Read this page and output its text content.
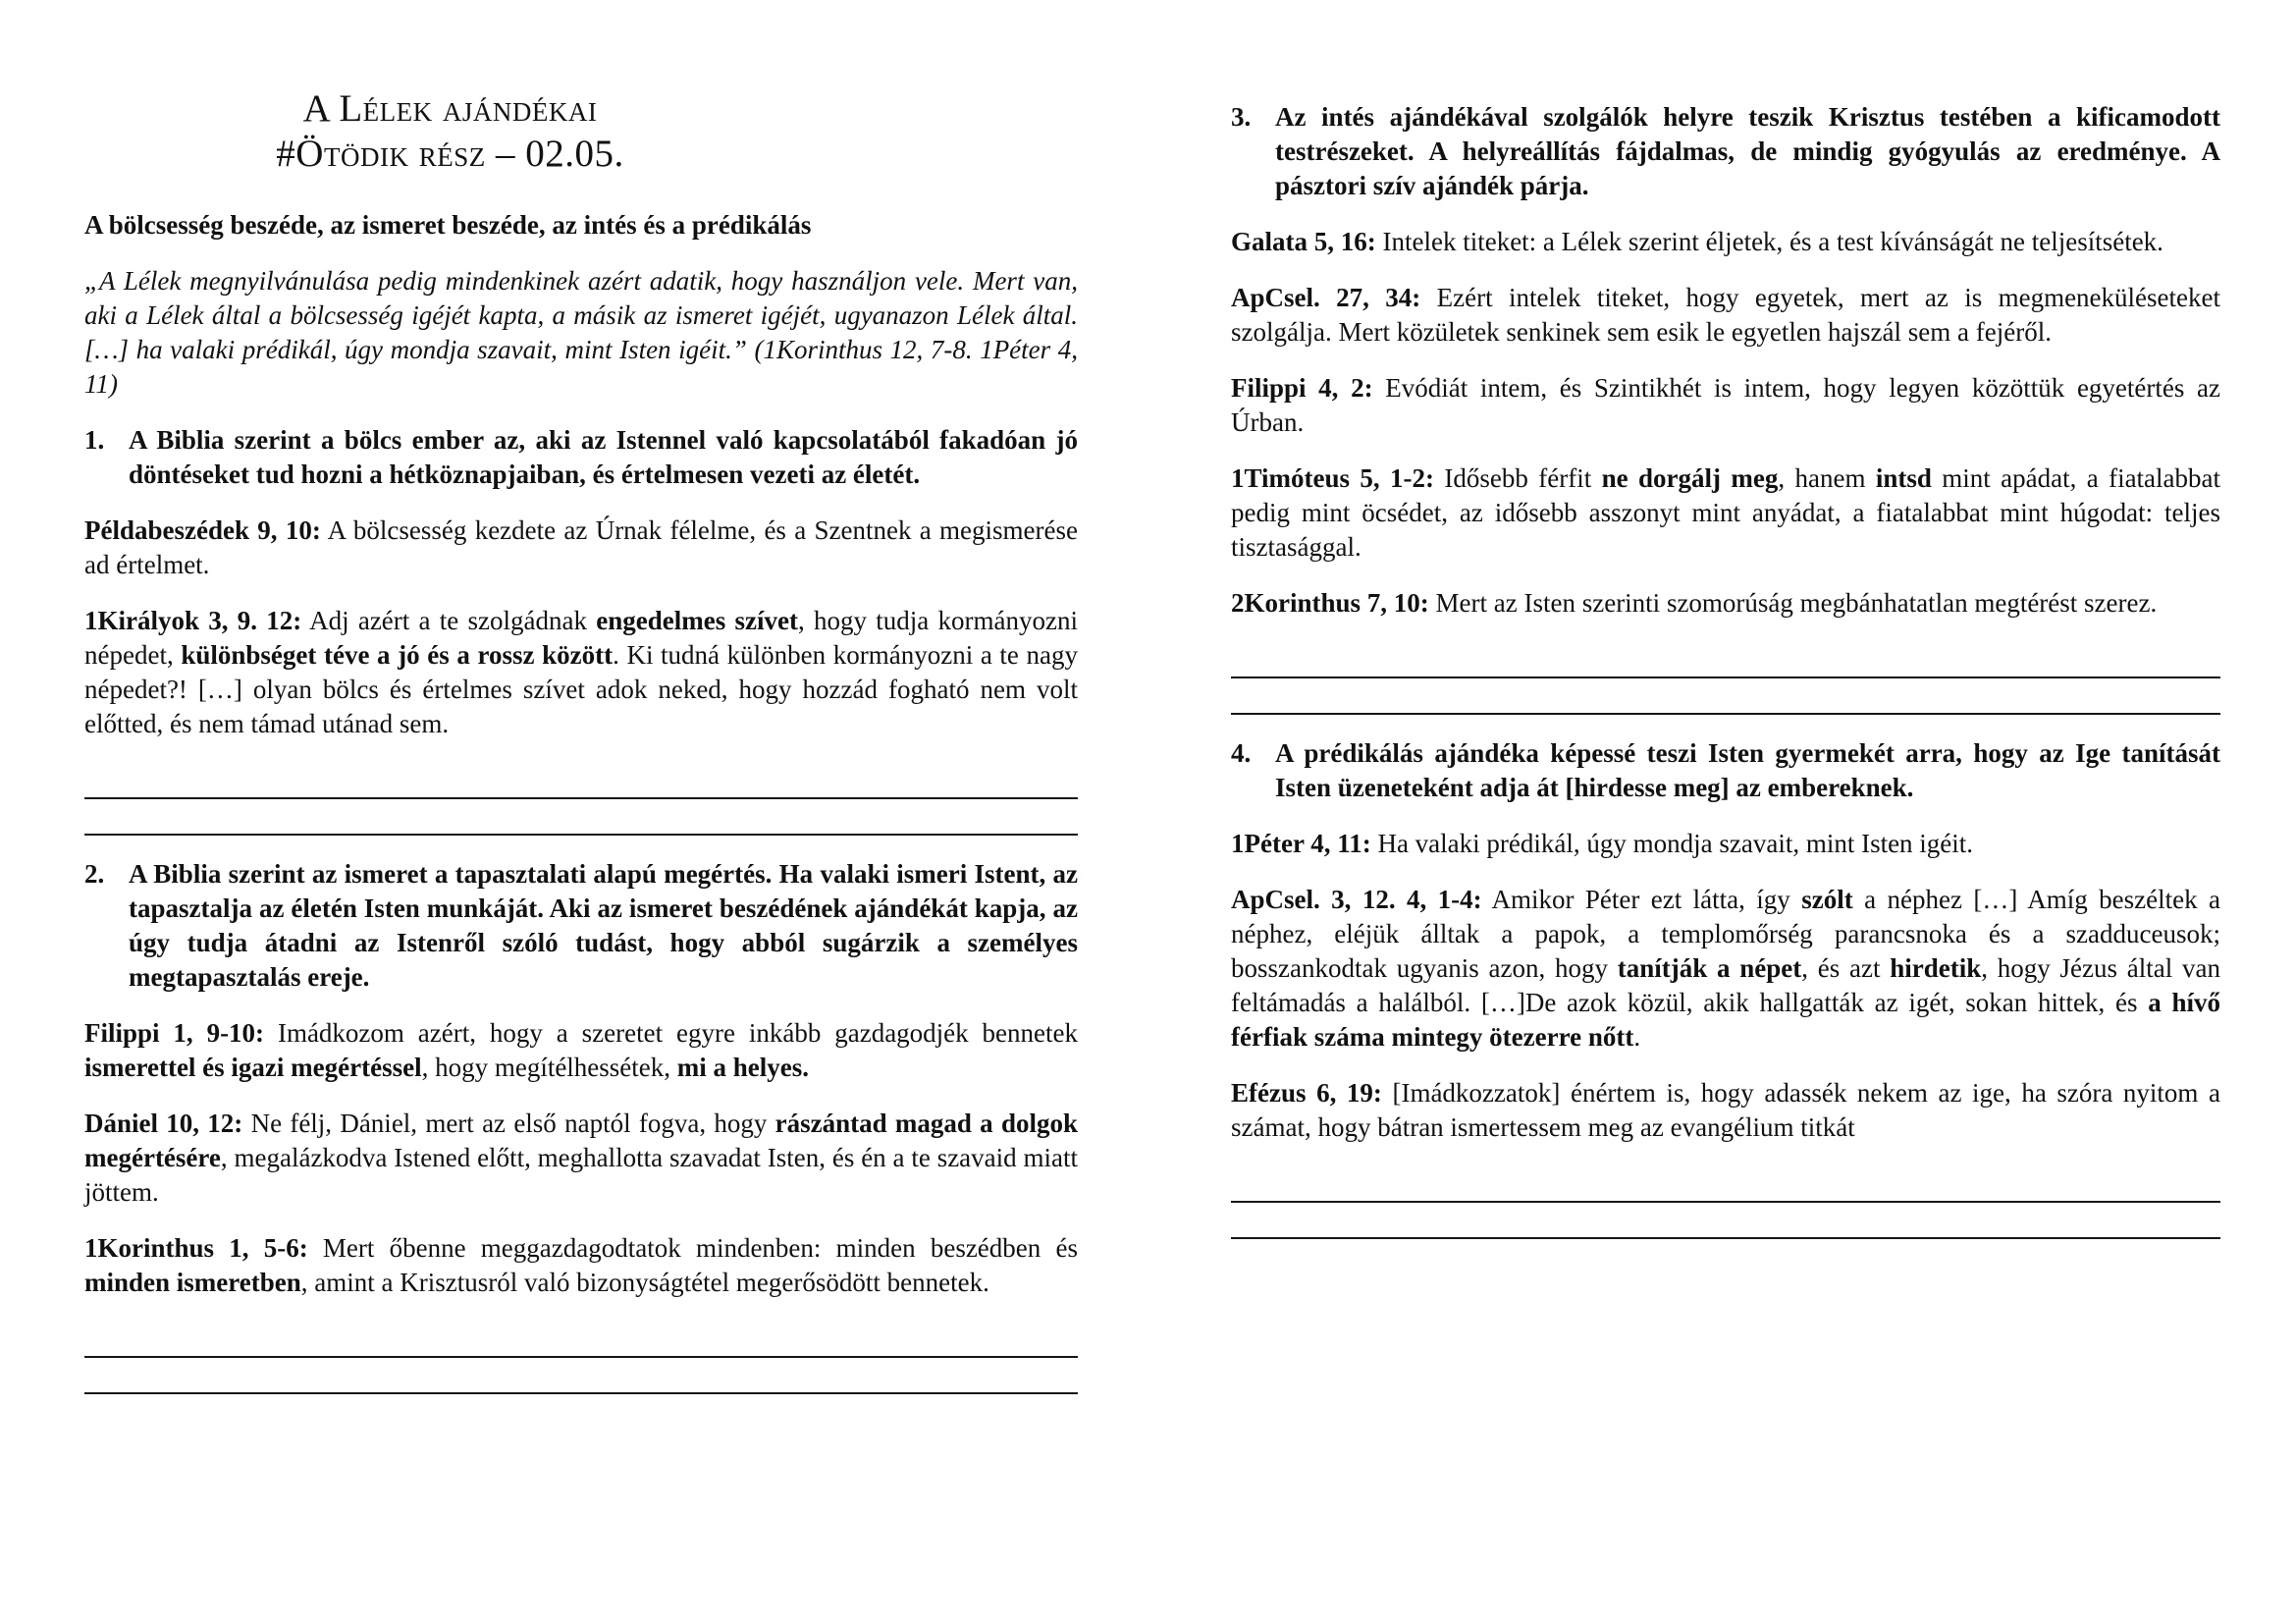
A Lélek ajándékai
#Ötödik rész – 02.05.
A bölcsesség beszéde, az ismeret beszéde, az intés és a prédikálás
„A Lélek megnyilvánulása pedig mindenkinek azért adatik, hogy használjon vele. Mert van, aki a Lélek által a bölcsesség igéjét kapta, a másik az ismeret igéjét, ugyanazon Lélek által. […] ha valaki prédikál, úgy mondja szavait, mint Isten igéit.” (1Korinthus 12, 7-8. 1Péter 4, 11)
1. A Biblia szerint a bölcs ember az, aki az Istennel való kapcsolatából fakadóan jó döntéseket tud hozni a hétköznapjaiban, és értelmesen vezeti az életét.
Példabeszédek 9, 10: A bölcsesség kezdete az Úrnak félelme, és a Szentnek a megismerése ad értelmet.
1Királyok 3, 9. 12: Adj azért a te szolgádnak engedelmes szívet, hogy tudja kormányozni népedet, különbséget téve a jó és a rossz között. Ki tudná különben kormányozni a te nagy népedet?! […] olyan bölcs és értelmes szívet adok neked, hogy hozzád fogható nem volt előtted, és nem támad utánad sem.
2. A Biblia szerint az ismeret a tapasztalati alapú megértés. Ha valaki ismeri Istent, az tapasztalja az életén Isten munkáját. Aki az ismeret beszédének ajándékát kapja, az úgy tudja átadni az Istenről szóló tudást, hogy abból sugárzik a személyes megtapasztalás ereje.
Filippi 1, 9-10: Imádkozom azért, hogy a szeretet egyre inkább gazdagodjék bennetek ismerettel és igazi megértéssel, hogy megítélhessétek, mi a helyes.
Dániel 10, 12: Ne félj, Dániel, mert az első naptól fogva, hogy rászántad magad a dolgok megértésére, megalázkodva Istened előtt, meghallotta szavadat Isten, és én a te szavaid miatt jöttem.
1Korinthus 1, 5-6: Mert őbenne meggazdagodtatok mindenben: minden beszédben és minden ismeretben, amint a Krisztusról való bizonyságtétel megerősödött bennetek.
3. Az intés ajándékával szolgálók helyre teszik Krisztus testében a kificamodott testrészeket. A helyreállítás fájdalmas, de mindig gyógyulás az eredménye. A pásztori szív ajándék párja.
Galata 5, 16: Intelek titeket: a Lélek szerint éljetek, és a test kívánságát ne teljesítsétek.
ApCsel. 27, 34: Ezért intelek titeket, hogy egyetek, mert az is megmeneküléseteket szolgálja. Mert közületek senkinek sem esik le egyetlen hajszál sem a fejéről.
Filippi 4, 2: Evódiát intem, és Szintikhét is intem, hogy legyen közöttük egyetértés az Úrban.
1Timóteus 5, 1-2: Idősebb férfit ne dorgálj meg, hanem intsd mint apádat, a fiatalabbat pedig mint öcsédet, az idősebb asszonyt mint anyádat, a fiatalabbat mint húgodat: teljes tisztasággal.
2Korinthus 7, 10: Mert az Isten szerinti szomorúság megbánhatatlan megtérést szerez.
4. A prédikálás ajándéka képessé teszi Isten gyermekét arra, hogy az Ige tanítását Isten üzeneteként adja át [hirdesse meg] az embereknek.
1Péter 4, 11: Ha valaki prédikál, úgy mondja szavait, mint Isten igéit.
ApCsel. 3, 12. 4, 1-4: Amikor Péter ezt látta, így szólt a néphez […] Amíg beszéltek a néphez, eléjük álltak a papok, a templomőrség parancsnoka és a szadduceusok; bosszankodtak ugyanis azon, hogy tanítják a népet, és azt hirdetik, hogy Jézus által van feltámadás a halálból. […]De azok közül, akik hallgatták az igét, sokan hittek, és a hívő férfiak száma mintegy ötezerre nőtt.
Efézus 6, 19: [Imádkozzatok] énértem is, hogy adassék nekem az ige, ha szóra nyitom a számat, hogy bátran ismertessem meg az evangélium titkát
